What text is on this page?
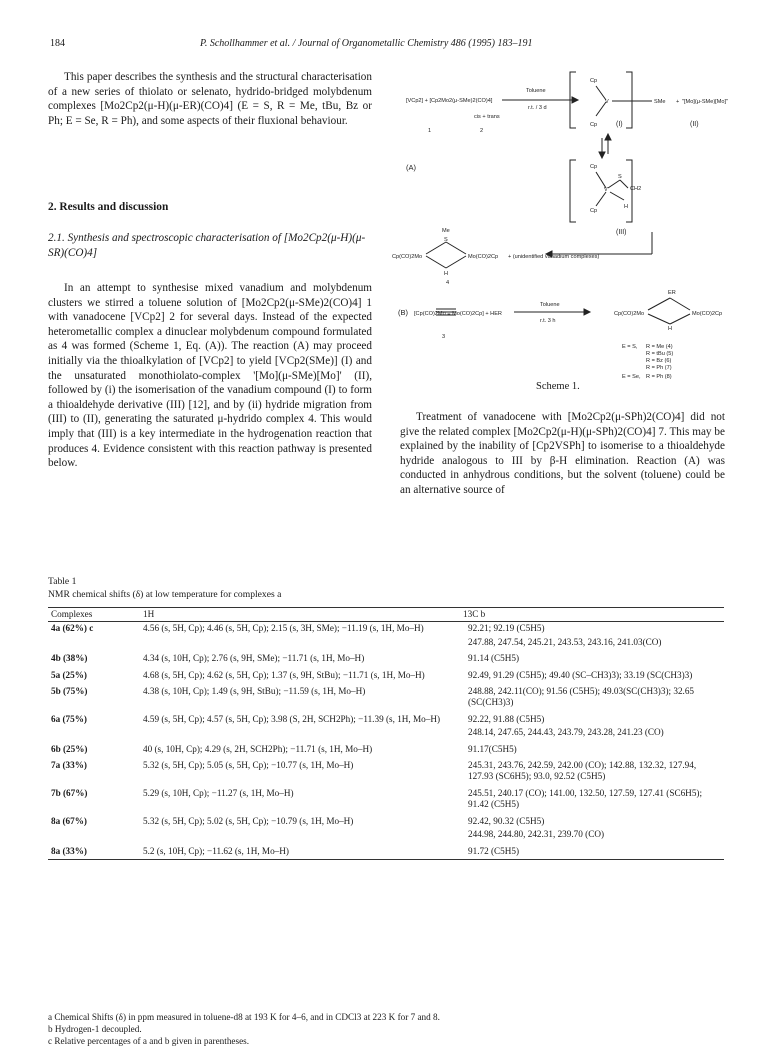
184	P. Schollhammer et al. / Journal of Organometallic Chemistry 486 (1995) 183–191

This paper describes the synthesis and the structural characterisation of a new series of thiolato or selenato, hydrido-bridged molybdenum complexes [Mo2Cp2(μ-H)(μ-ER)(CO)4] (E = S, R = Me, tBu, Bz or Ph; E = Se, R = Ph), and some aspects of their fluxional behaviour.

2. Results and discussion
2.1. Synthesis and spectroscopic characterisation of [Mo2Cp2(μ-H)(μ-SR)(CO)4]

In an attempt to synthesise mixed vanadium and molybdenum clusters we stirred a toluene solution of [Mo2Cp2(μ-SMe)2(CO)4] 1 with vanadocene [VCp2] 2 for several days. Instead of the expected heterometallic complex a dinuclear molybdenum compound formulated as 4 was formed (Scheme 1, Eq. (A)). The reaction (A) may proceed initially via the thioalkylation of [VCp2] to yield [VCp2(SMe)] (I) and the unsaturated monothiolato-complex '[Mo](μ-SMe)[Mo]' (II), followed by (i) the isomerisation of the vanadium compound (I) to form a thioaldehyde derivative (III) [12], and by (ii) hydride migration from (III) to (II), generating the saturated μ-hydrido complex 4. This would imply that (III) is a key intermediate in the hydrogenation reaction that produces 4. Evidence consistent with this reaction pathway is presented below.

Treatment of vanadocene with [Mo2Cp2(μ-SPh)2(CO)4] did not give the related complex [Mo2Cp2(μ-H)(μ-SPh)2(CO)4] 7. This may be explained by the inability of [Cp2VSPh] to isomerise to a thioaldehyde hydride analogous to III by β-H elimination. Reaction (A) was conducted in anhydrous conditions, but the solvent (toluene) could be an alternative source of

[VCp2] + [Cp2Mo2(μ-SMe)2(CO)4]
Toluene
r.t. / 3 d
cis + trans
1	2
Cp
Cp
V	SMe + "[Mo](μ-SMe)[Mo]"
(I)	(II)
(A)	Cp
Cp
V
S
CH2
H
(III)
Me
S
Cp(CO)2Mo	Mo(CO)2Cp + (unidentified vanadium complexes)
H
4
(B) [Cp(CO)2Mo ≡ Mo(CO)2Cp] + HER
Toluene
r.t. 3 h
3
ER
Cp(CO)2Mo	Mo(CO)2Cp
H
E = S,
E = Se,
R = Me (4)
R = tBu (5)
R = Bz (6)
R = Ph (7)
R = Ph (8)
Scheme 1.
Table 1
NMR chemical shifts (δ) at low temperature for complexes a
Complexes	1H	13C b
4a (62%) c	4.56 (s, 5H, Cp); 4.46 (s, 5H, Cp); 2.15 (s, 3H, SMe); −11.19 (s, 1H, Mo–H)	92.21; 92.19 (C5H5)
		247.88, 247.54, 245.21, 243.53, 243.16, 241.03(CO)
4b (38%)	4.34 (s, 10H, Cp); 2.76 (s, 9H, SMe); −11.71 (s, 1H, Mo–H)	91.14 (C5H5)
5a (25%)	4.68 (s, 5H, Cp); 4.62 (s, 5H, Cp); 1.37 (s, 9H, StBu); −11.71 (s, 1H, Mo–H)	92.49, 91.29 (C5H5); 49.40 (SC–CH3)3); 33.19 (SC(CH3)3)
5b (75%)	4.38 (s, 10H, Cp); 1.49 (s, 9H, StBu); −11.59 (s, 1H, Mo–H)	248.88, 242.11(CO); 91.56 (C5H5); 49.03(SC(CH3)3); 32.65 (SC(CH3)3)
6a (75%)	4.59 (s, 5H, Cp); 4.57 (s, 5H, Cp); 3.98 (S, 2H, SCH2Ph); −11.39 (s, 1H, Mo–H)	92.22, 91.88 (C5H5)
		248.14, 247.65, 244.43, 243.79, 243.28, 241.23 (CO)
6b (25%)	40 (s, 10H, Cp); 4.29 (s, 2H, SCH2Ph); −11.71 (s, 1H, Mo–H)	91.17(C5H5)
7a (33%)	5.32 (s, 5H, Cp); 5.05 (s, 5H, Cp); −10.77 (s, 1H, Mo–H)	245.31, 243.76, 242.59, 242.00 (CO); 142.88, 132.32, 127.94, 127.93 (SC6H5); 93.0, 92.52 (C5H5)
7b (67%)	5.29 (s, 10H, Cp); −11.27 (s, 1H, Mo–H)	245.51, 240.17 (CO); 141.00, 132.50, 127.59, 127.41 (SC6H5); 91.42 (C5H5)
8a (67%)	5.32 (s, 5H, Cp); 5.02 (s, 5H, Cp); −10.79 (s, 1H, Mo–H)	92.42, 90.32 (C5H5)
		244.98, 244.80, 242.31, 239.70 (CO)
8a (33%)	5.2 (s, 10H, Cp); −11.62 (s, 1H, Mo–H)	91.72 (C5H5)
a Chemical Shifts (δ) in ppm measured in toluene-d8 at 193 K for 4–6, and in CDCl3 at 223 K for 7 and 8.
b Hydrogen-1 decoupled.
c Relative percentages of a and b given in parentheses.
